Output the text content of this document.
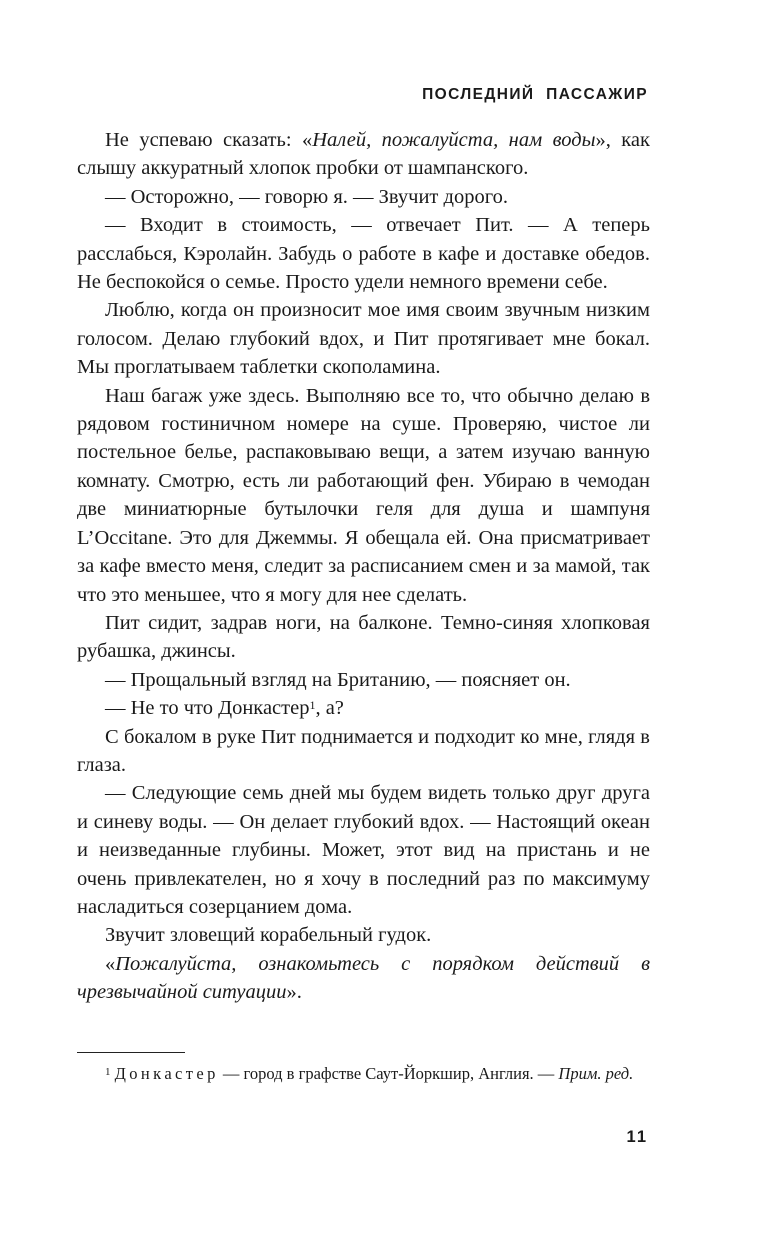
ПОСЛЕДНИЙ ПАССАЖИР

Не успеваю сказать: «Налей, пожалуйста, нам воды», как слышу аккуратный хлопок пробки от шампанского.

— Осторожно, — говорю я. — Звучит дорого.

— Входит в стоимость, — отвечает Пит. — А теперь расслабься, Кэролайн. Забудь о работе в кафе и доставке обедов. Не беспокойся о семье. Просто удели немного времени себе.

Люблю, когда он произносит мое имя своим звучным низким голосом. Делаю глубокий вдох, и Пит протягивает мне бокал. Мы проглатываем таблетки скополамина.

Наш багаж уже здесь. Выполняю все то, что обычно делаю в рядовом гостиничном номере на суше. Проверяю, чистое ли постельное белье, распаковываю вещи, а затем изучаю ванную комнату. Смотрю, есть ли работающий фен. Убираю в чемодан две миниатюрные бутылочки геля для душа и шампуня L’Occitane. Это для Джеммы. Я обещала ей. Она присматривает за кафе вместо меня, следит за расписанием смен и за мамой, так что это меньшее, что я могу для нее сделать.

Пит сидит, задрав ноги, на балконе. Темно-синяя хлопковая рубашка, джинсы.

— Прощальный взгляд на Британию, — поясняет он.

— Не то что Донкастер$^1$, а?

С бокалом в руке Пит поднимается и подходит ко мне, глядя в глаза.

— Следующие семь дней мы будем видеть только друг друга и синеву воды. — Он делает глубокий вдох. — Настоящий океан и неизведанные глубины. Может, этот вид на пристань и не очень привлекателен, но я хочу в последний раз по максимуму насладиться созерцанием дома.

Звучит зловещий корабельный гудок.

«Пожалуйста, ознакомьтесь с порядком действий в чрезвычайной ситуации».

$^1$ Донкастер — город в графстве Саут-Йоркшир, Англия. — Прим. ред.
11
